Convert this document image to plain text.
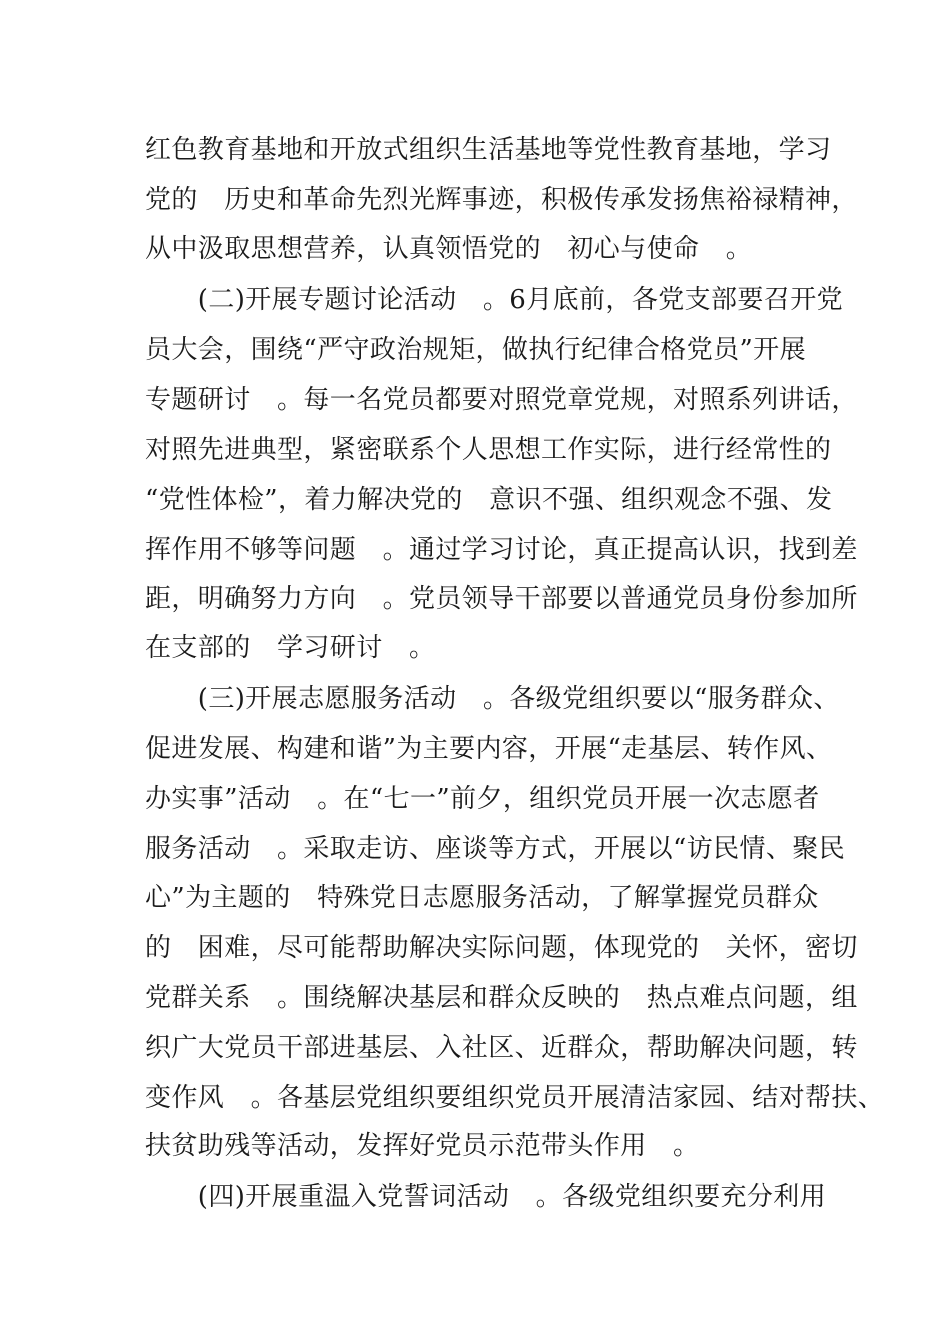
红色教育基地和开放式组织生活基地等党性教育基地，学习
党的　历史和革命先烈光辉事迹，积极传承发扬焦裕禄精神，
从中汲取思想营养，认真领悟党的　初心与使命　。
　　(二)开展专题讨论活动　。6月底前，各党支部要召开党
员大会，围绕“严守政治规矩，做执行纪律合格党员”开展
专题研讨　。每一名党员都要对照党章党规，对照系列讲话，
对照先进典型，紧密联系个人思想工作实际，进行经常性的
“党性体检”，着力解决党的　意识不强、组织观念不强、发
挥作用不够等问题　。通过学习讨论，真正提高认识，找到差
距，明确努力方向　。党员领导干部要以普通党员身份参加所
在支部的　学习研讨　。
　　(三)开展志愿服务活动　。各级党组织要以“服务群众、
促进发展、构建和谐”为主要内容，开展“走基层、转作风、
办实事”活动　。在“七一”前夕，组织党员开展一次志愿者
服务活动　。采取走访、座谈等方式，开展以“访民情、聚民
心”为主题的　特殊党日志愿服务活动，了解掌握党员群众
的　困难，尽可能帮助解决实际问题，体现党的　关怀，密切
党群关系　。围绕解决基层和群众反映的　热点难点问题，组
织广大党员干部进基层、入社区、近群众，帮助解决问题，转
变作风　。各基层党组织要组织党员开展清洁家园、结对帮扶、
扶贫助残等活动，发挥好党员示范带头作用　。
　　(四)开展重温入党誓词活动　。各级党组织要充分利用
